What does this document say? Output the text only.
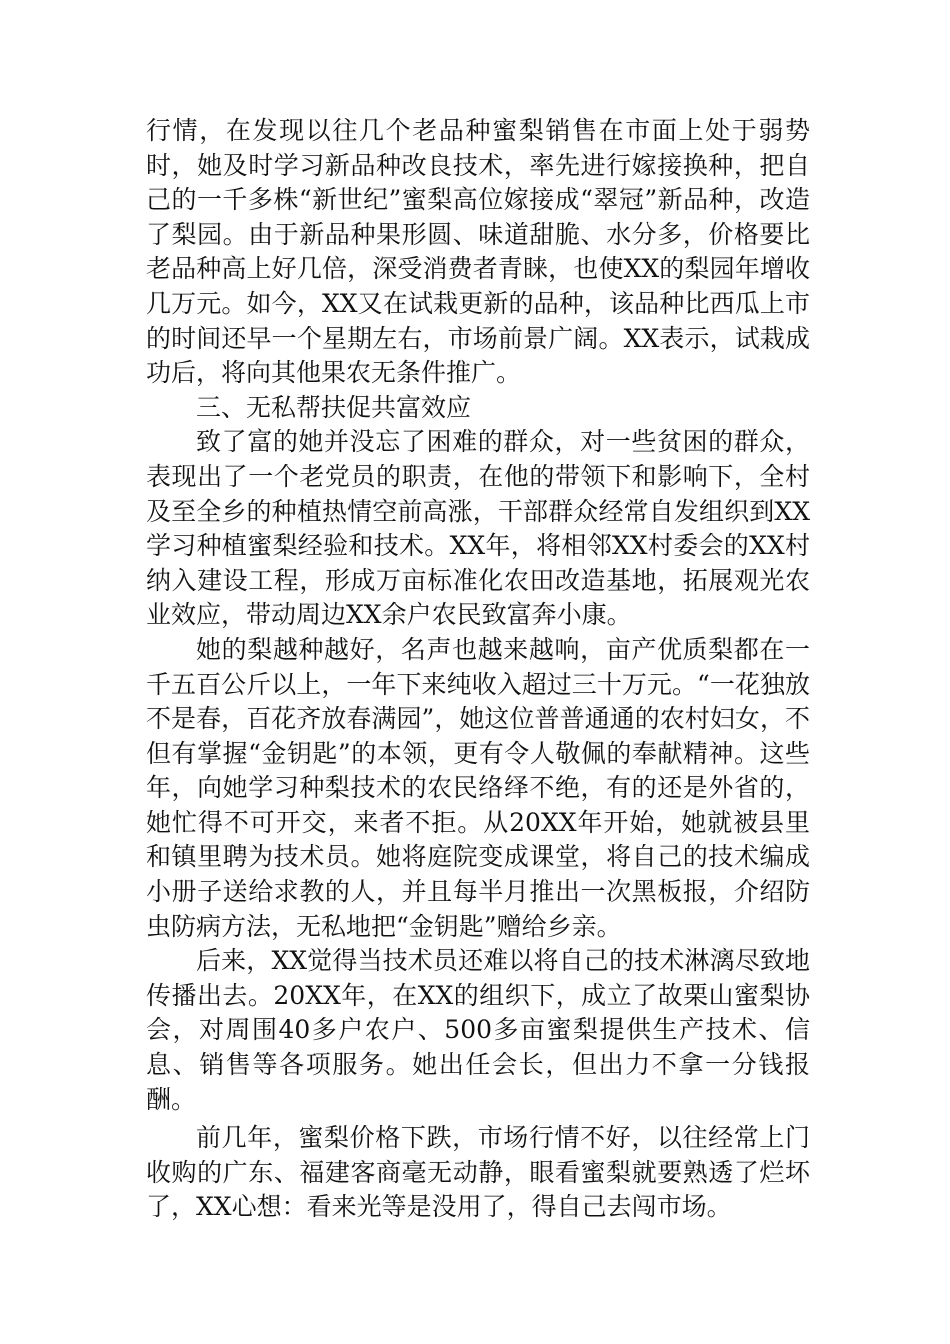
行情，在发现以往几个老品种蜜梨销售在市面上处于弱势时，她及时学习新品种改良技术，率先进行嫁接换种，把自己的一千多株“新世纪”蜜梨高位嫁接成“翠冠”新品种，改造了梨园。由于新品种果形圆、味道甜脆、水分多，价格要比老品种高上好几倍，深受消费者青睐，也使XX的梨园年增收几万元。如今，XX又在试栽更新的品种，该品种比西瓜上市的时间还早一个星期左右，市场前景广阔。XX表示，试栽成功后，将向其他果农无条件推广。

三、无私帮扶促共富效应

致了富的她并没忘了困难的群众，对一些贫困的群众，表现出了一个老党员的职责，在他的带领下和影响下，全村及至全乡的种植热情空前高涨，干部群众经常自发组织到XX学习种植蜜梨经验和技术。XX年，将相邻XX村委会的XX村纳入建设工程，形成万亩标准化农田改造基地，拓展观光农业效应，带动周边XX余户农民致富奔小康。

她的梨越种越好，名声也越来越响，亩产优质梨都在一千五百公斤以上，一年下来纯收入超过三十万元。“一花独放不是春，百花齐放春满园”，她这位普普通通的农村妇女，不但有掌握“金钥匙”的本领，更有令人敬佩的奉献精神。这些年，向她学习种梨技术的农民络绎不绝，有的还是外省的，她忙得不可开交，来者不拒。从20XX年开始，她就被县里和镇里聘为技术员。她将庭院变成课堂，将自己的技术编成小册子送给求教的人，并且每半月推出一次黑板报，介绍防虫防病方法，无私地把“金钥匙”赠给乡亲。

后来，XX觉得当技术员还难以将自己的技术淋漓尽致地传播出去。20XX年，在XX的组织下，成立了故栗山蜜梨协会，对周围40多户农户、500多亩蜜梨提供生产技术、信息、销售等各项服务。她出任会长，但出力不拿一分钱报酬。

前几年，蜜梨价格下跌，市场行情不好，以往经常上门收购的广东、福建客商毫无动静，眼看蜜梨就要熟透了烂坏了，XX心想：看来光等是没用了，得自己去闯市场。
